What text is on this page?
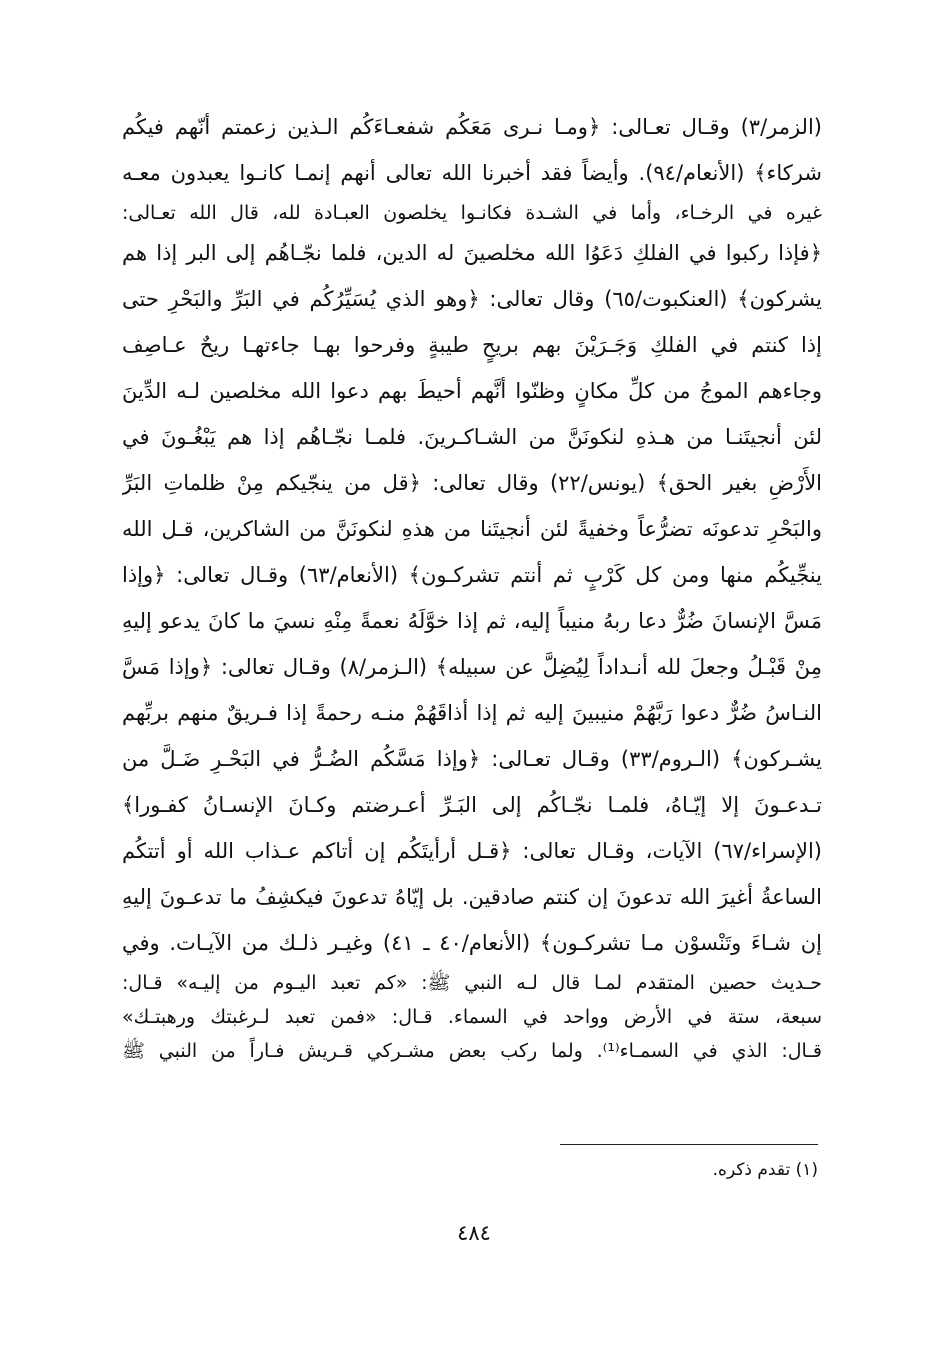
(الزمر/٣) وقـال تعـالى: ﴿ومـا نـرى مَعَكُم شفعـاءَكُم الـذين زعمتم أنّهم فيكُم
شركاء﴾ (الأنعام/٩٤). وأيضاً فقد أخبرنا الله تعالى أنهم إنمـا كانـوا يعبدون معـه
غيره في الرخـاء، وأما في الشـدة فكانـوا يخلصون العبـادة لله، قال الله تعـالى:
﴿فإذا ركبوا في الفلكِ دَعَوُا الله مخلصينَ له الدين، فلما نجّـاهُم إلى البر إذا هم
يشركون﴾ (العنكبوت/٦٥) وقال تعالى: ﴿وهو الذي يُسَيِّرُكُم في البَرِّ والبَحْرِ حتى
إذا كنتم في الفلكِ وَجَـرَيْنَ بهم بريحٍ طيبةٍ وفرحوا بهـا جاءتهـا ريحٌ عـاصِف
وجاءهم الموجُ من كلِّ مكانٍ وظنّوا أنَّهم أحيطَ بهم دعوا الله مخلصين لـه الدِّينَ
لئن أنجيتَنـا من هـذهِ لنكونَنَّ من الشـاكـرينَ. فلمـا نجّـاهُم إذا هم يَبْغُـونَ في
الأَرْضِ بغير الحق﴾ (يونس/٢٢) وقال تعالى: ﴿قل من ينجّيكم مِنْ ظلماتِ البَرِّ
والبَحْرِ تدعونَه تضرُّعاً وخفيةً لئن أنجيتَنا من هذهِ لنكونَنَّ من الشاكرين، قـل الله
ينجِّيكُم منها ومن كل كَرْبٍ ثم أنتم تشركـون﴾ (الأنعام/٦٣) وقـال تعالى: ﴿وإذا
مَسَّ الإنسانَ ضُرٌّ دعا ربهُ منيباً إليه، ثم إذا خوَّلَهُ نعمةً مِنْهِ نسيَ ما كانَ يدعو إليهِ
مِنْ قَبْـلُ وجعلَ لله أنـداداً لِيُضِلَّ عن سبيله﴾ (الـزمر/٨) وقـال تعالى: ﴿وإذا مَسَّ
النـاسُ ضُرٌّ دعوا رَبَّهُمْ منيبينَ إليه ثم إذا أذاقَهُمْ منـه رحمةً إذا فـريقٌ منهم بربِّهم
يشـركون﴾ (الـروم/٣٣) وقـال تعـالى: ﴿وإذا مَسَّكُم الضُـرُّ في البَحْـرِ ضَـلَّ من
تـدعـونَ إلا إيّـاهُ، فلمـا نجّـاكُم إلى البَـرِّ أعـرضتم وكـانَ الإنسـانُ كفـورا﴾
(الإسراء/٦٧) الآيات، وقـال تعالى: ﴿قـل أرأيتَكُم إن أتاكم عـذاب الله أو أتتكُم
الساعةُ أغيرَ الله تدعونَ إن كنتم صادقين. بل إيّاهُ تدعونَ فيكشِفُ ما تدعـونَ إليهِ
إن شـاءَ وتَنْسوْن مـا تشركـون﴾ (الأنعام/٤٠ ـ ٤١) وغيـر ذلـك من الآيـات. وفي
حـديث حصين المتقدم لمـا قال لـه النبي ﷺ: «كم تعبد اليـوم من إليـه» قـال:
سبعة، ستة في الأرض وواحد في السماء. قـال: «فمن تعبد لـرغبتك ورهبتـك»
قـال: الذي في السمـاء⁽¹⁾. ولما ركب بعض مشـركي قـريش فـاراً من النبي ﷺ
(١) تقدم ذكره.
٤٨٤
